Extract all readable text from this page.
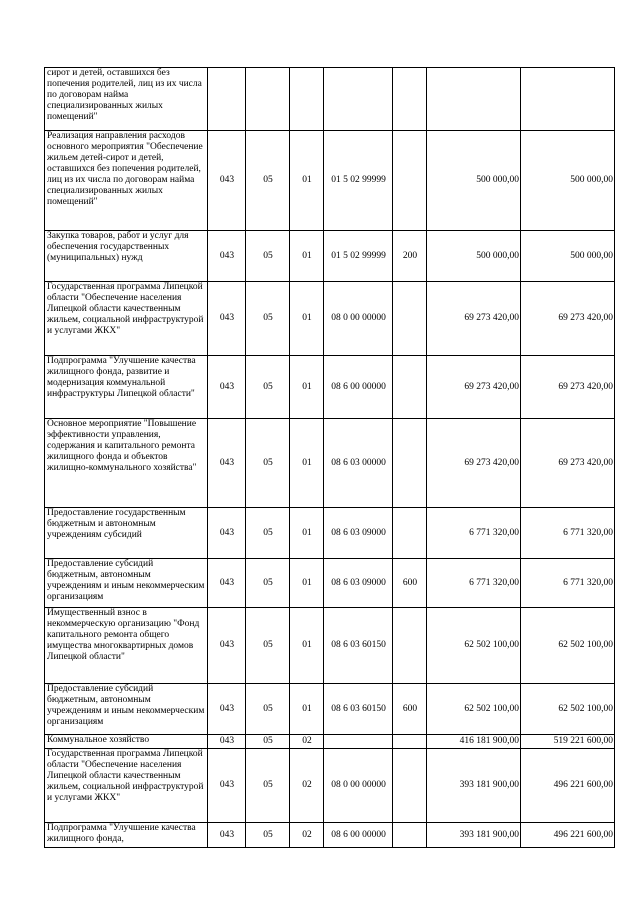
сирот и детей, оставшихся без попечения родителей, лиц из их числа по договорам найма специализированных жилых помещений"							
Реализация направления расходов основного мероприятия "Обеспечение жильем детей-сирот и детей, оставшихся без попечения родителей, лиц из их числа по договорам найма специализированных жилых помещений"	043	05	01	01 5 02 99999		500 000,00	500 000,00
Закупка товаров, работ и услуг для обеспечения государственных (муниципальных) нужд	043	05	01	01 5 02 99999	200	500 000,00	500 000,00
Государственная программа Липецкой области "Обеспечение населения Липецкой области качественным жильем, социальной инфраструктурой и услугами ЖКХ"	043	05	01	08 0 00 00000		69 273 420,00	69 273 420,00
Подпрограмма "Улучшение качества жилищного фонда, развитие и модернизация коммунальной инфраструктуры Липецкой области"	043	05	01	08 6 00 00000		69 273 420,00	69 273 420,00
Основное мероприятие "Повышение эффективности управления, содержания и капитального ремонта жилищного фонда и объектов жилищно-коммунального хозяйства"	043	05	01	08 6 03 00000		69 273 420,00	69 273 420,00
Предоставление государственным бюджетным и автономным учреждениям субсидий	043	05	01	08 6 03 09000		6 771 320,00	6 771 320,00
Предоставление субсидий бюджетным, автономным учреждениям и иным некоммерческим организациям	043	05	01	08 6 03 09000	600	6 771 320,00	6 771 320,00
Имущественный взнос в некоммерческую организацию "Фонд капитального ремонта общего имущества многоквартирных домов Липецкой области"	043	05	01	08 6 03 60150		62 502 100,00	62 502 100,00
Предоставление субсидий бюджетным, автономным учреждениям и иным некоммерческим организациям	043	05	01	08 6 03 60150	600	62 502 100,00	62 502 100,00
Коммунальное хозяйство	043	05	02			416 181 900,00	519 221 600,00
Государственная программа Липецкой области "Обеспечение населения Липецкой области качественным жильем, социальной инфраструктурой и услугами ЖКХ"	043	05	02	08 0 00 00000		393 181 900,00	496 221 600,00
Подпрограмма "Улучшение качества жилищного фонда,	043	05	02	08 6 00 00000		393 181 900,00	496 221 600,00
